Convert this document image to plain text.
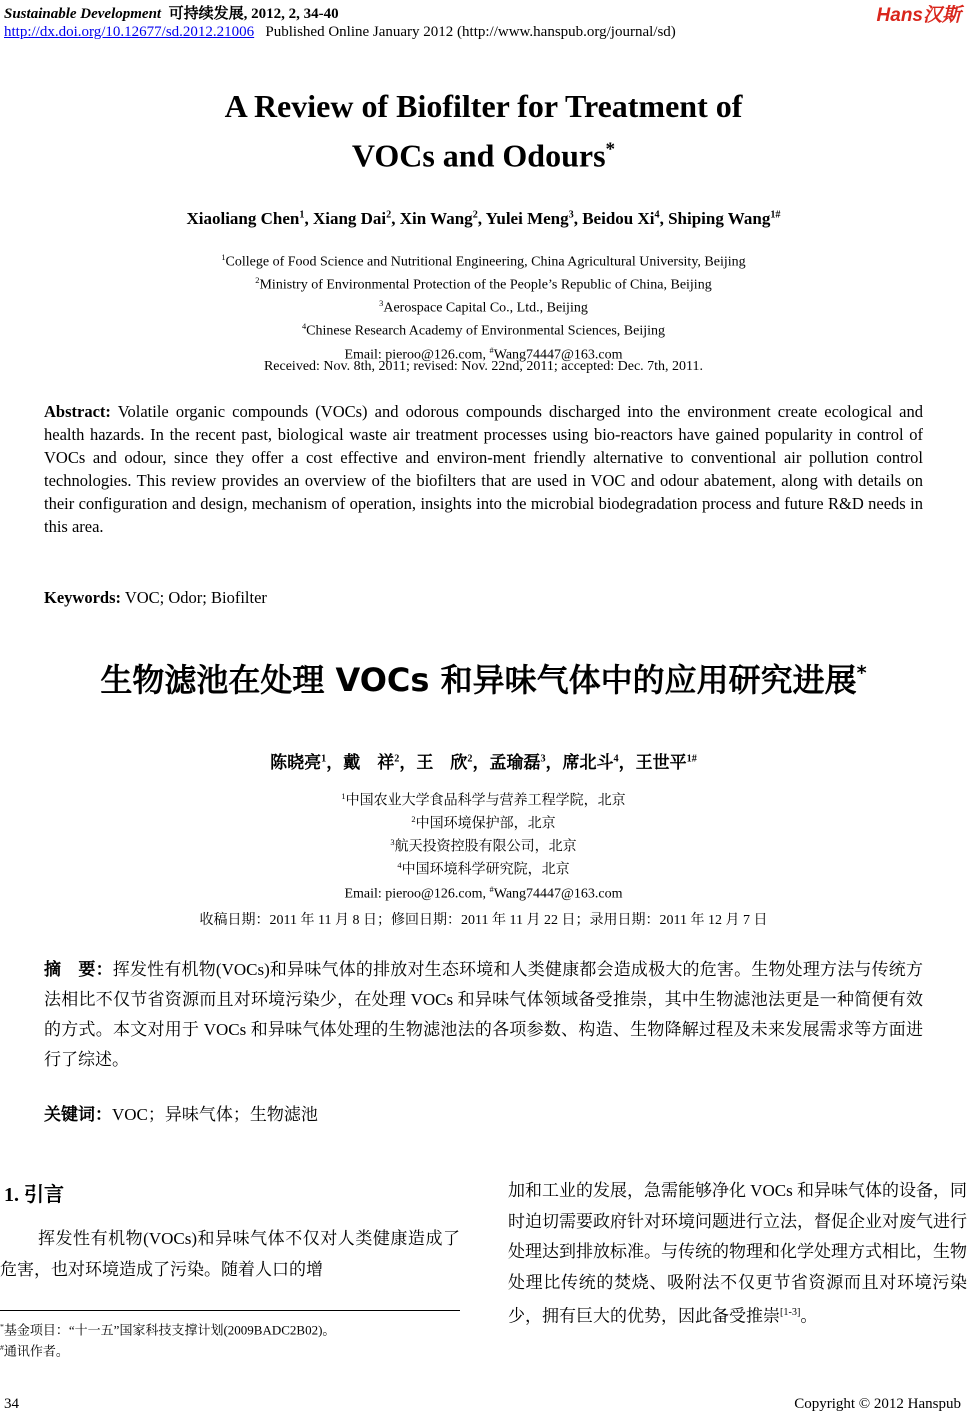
Sustainable Development 可持续发展, 2012, 2, 34-40
http://dx.doi.org/10.12677/sd.2012.21006 Published Online January 2012 (http://www.hanspub.org/journal/sd)
Hans汉斯
A Review of Biofilter for Treatment of
VOCs and Odours*
Xiaoliang Chen$^1$, Xiang Dai$^2$, Xin Wang$^2$, Yulei Meng$^3$, Beidou Xi$^4$, Shiping Wang$^{1\#}$
$^1$College of Food Science and Nutritional Engineering, China Agricultural University, Beijing
$^2$Ministry of Environmental Protection of the People’s Republic of China, Beijing
$^3$Aerospace Capital Co., Ltd., Beijing
$^4$Chinese Research Academy of Environmental Sciences, Beijing
Email: pieroo@126.com, #Wang74447@163.com
Received: Nov. 8th, 2011; revised: Nov. 22nd, 2011; accepted: Dec. 7th, 2011.
Abstract: Volatile organic compounds (VOCs) and odorous compounds discharged into the environment create ecological and health hazards. In the recent past, biological waste air treatment processes using bio-reactors have gained popularity in control of VOCs and odour, since they offer a cost effective and environ-ment friendly alternative to conventional air pollution control technologies. This review provides an overview of the biofilters that are used in VOC and odour abatement, along with details on their configuration and design, mechanism of operation, insights into the microbial biodegradation process and future R&D needs in this area.
Keywords: VOC; Odor; Biofilter
生物滤池在处理 VOCs 和异味气体中的应用研究进展*
陈晓亮$^1$，戴　祥$^2$，王　欣$^2$，孟瑜磊$^3$，席北斗$^4$，王世平$^{1\#}$
$^1$中国农业大学食品科学与营养工程学院，北京
$^2$中国环境保护部，北京
$^3$航天投资控股有限公司，北京
$^4$中国环境科学研究院，北京
Email: pieroo@126.com, #Wang74447@163.com
收稿日期：2011 年 11 月 8 日；修回日期：2011 年 11 月 22 日；录用日期：2011 年 12 月 7 日
摘　要：挥发性有机物(VOCs)和异味气体的排放对生态环境和人类健康都会造成极大的危害。生物处理方法与传统方法相比不仅节省资源而且对环境污染少，在处理 VOCs 和异味气体领域备受推崇，其中生物滤池法更是一种简便有效的方式。本文对用于 VOCs 和异味气体处理的生物滤池法的各项参数、构造、生物降解过程及未来发展需求等方面进行了综述。
关键词：VOC；异味气体；生物滤池
1. 引言
挥发性有机物(VOCs)和异味气体不仅对人类健康造成了危害，也对环境造成了污染。随着人口的增
加和工业的发展，急需能够净化 VOCs 和异味气体的设备，同时迫切需要政府针对环境问题进行立法，督促企业对废气进行处理达到排放标准。与传统的物理和化学处理方式相比，生物处理比传统的焚烧、吸附法不仅更节省资源而且对环境污染少，拥有巨大的优势，因此备受推崇[1-3]。
*基金项目：“十一五”国家科技支撑计划(2009BADC2B02)。
#通讯作者。
34	Copyright © 2012 Hanspub
